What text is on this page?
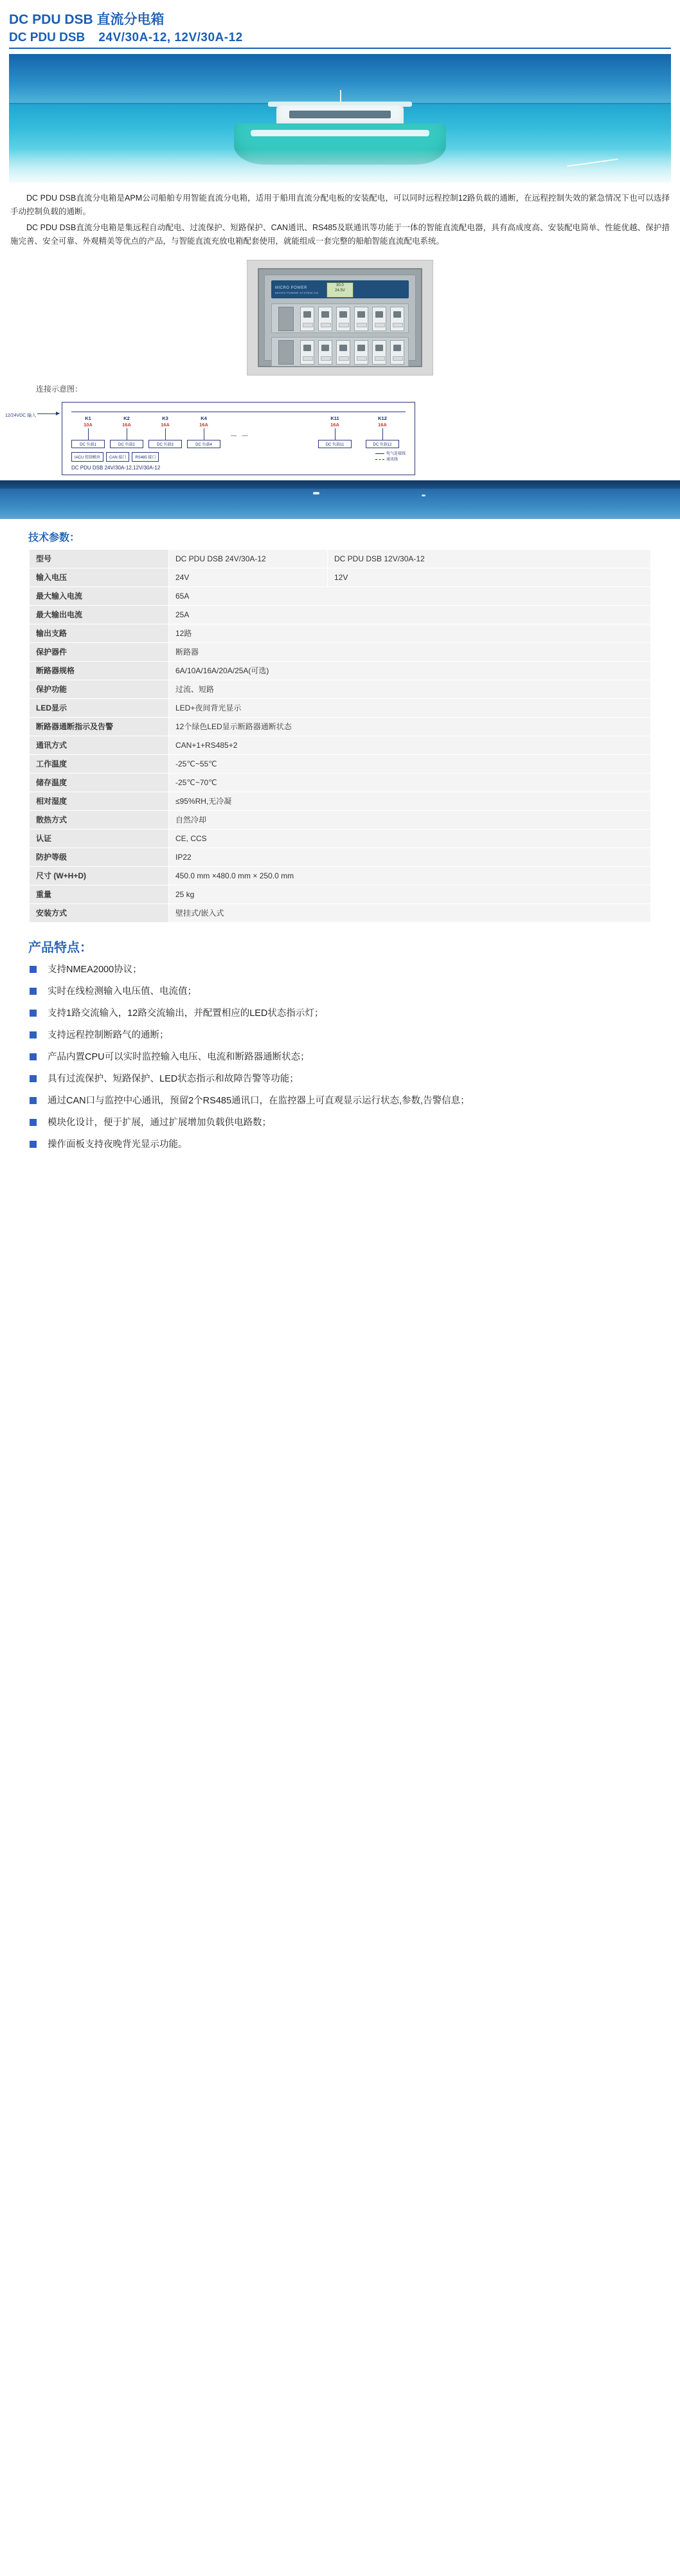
DC PDU DSB 直流分电箱
DC PDU DSB 24V/30A-12, 12V/30A-12

DC PDU DSB直流分电箱是APM公司船舶专用智能直流分电箱，适用于船用直流分配电板的安装配电，可以同时远程控制12路负载的通断，在远程控制失效的紧急情况下也可以选择手动控制负载的通断。

DC PDU DSB直流分电箱是集远程自动配电、过流保护、短路保护、CAN通讯、RS485及联通讯等功能于一体的智能直流配电器，具有高成度高、安装配电简单、性能优越、保护措施完善、安全可靠、外观精美等优点的产品，与智能直流充放电箱配套使用，就能组成一套完整的船舶智能直流配电系统。

MICRO POWER
MICRO POWER SYSTEM CO.
30.0
24.5V
连接示意图：
12/24VDC 输入	K1
10A
DC 负载1
K2
16A
DC 负载2
K3
16A
DC 负载3
K4
16A
DC 负载4
— —
K11
16A
DC 负载11
K12
16A
DC 负载12
IACU 控制模块	CAN 接口	RS485 接口
DC PDU DSB 24V/30A-12,12V/30A-12
电气连接线
通讯线
技术参数：
型号	DC PDU DSB 24V/30A-12	DC PDU DSB 12V/30A-12
输入电压	24V	12V
最大输入电流	65A	
最大输出电流	25A	
输出支路	12路	
保护器件	断路器	
断路器规格	6A/10A/16A/20A/25A(可选)	
保护功能	过流、短路	
LED显示	LED+夜间背光显示	
断路器通断指示及告警	12个绿色LED显示断路器通断状态	
通讯方式	CAN+1+RS485+2	
工作温度	-25℃~55℃	
储存温度	-25℃~70℃	
相对湿度	≤95%RH,无冷凝	
散热方式	自然冷却	
认证	CE, CCS	
防护等级	IP22	
尺寸 (W+H+D)	450.0 mm ×480.0 mm × 250.0 mm	
重量	25 kg	
安装方式	壁挂式/嵌入式	
产品特点：
支持NMEA2000协议；
实时在线检测输入电压值、电流值；
支持1路交流输入，12路交流输出，并配置相应的LED状态指示灯；
支持远程控制断路气的通断；
产品内置CPU可以实时监控输入电压、电流和断路器通断状态；
具有过流保护、短路保护、LED状态指示和故障告警等功能；
通过CAN口与监控中心通讯，预留2个RS485通讯口，在监控器上可直观显示运行状态,参数,告警信息；
模块化设计，便于扩展，通过扩展增加负载供电路数；
操作面板支持夜晚背光显示功能。
